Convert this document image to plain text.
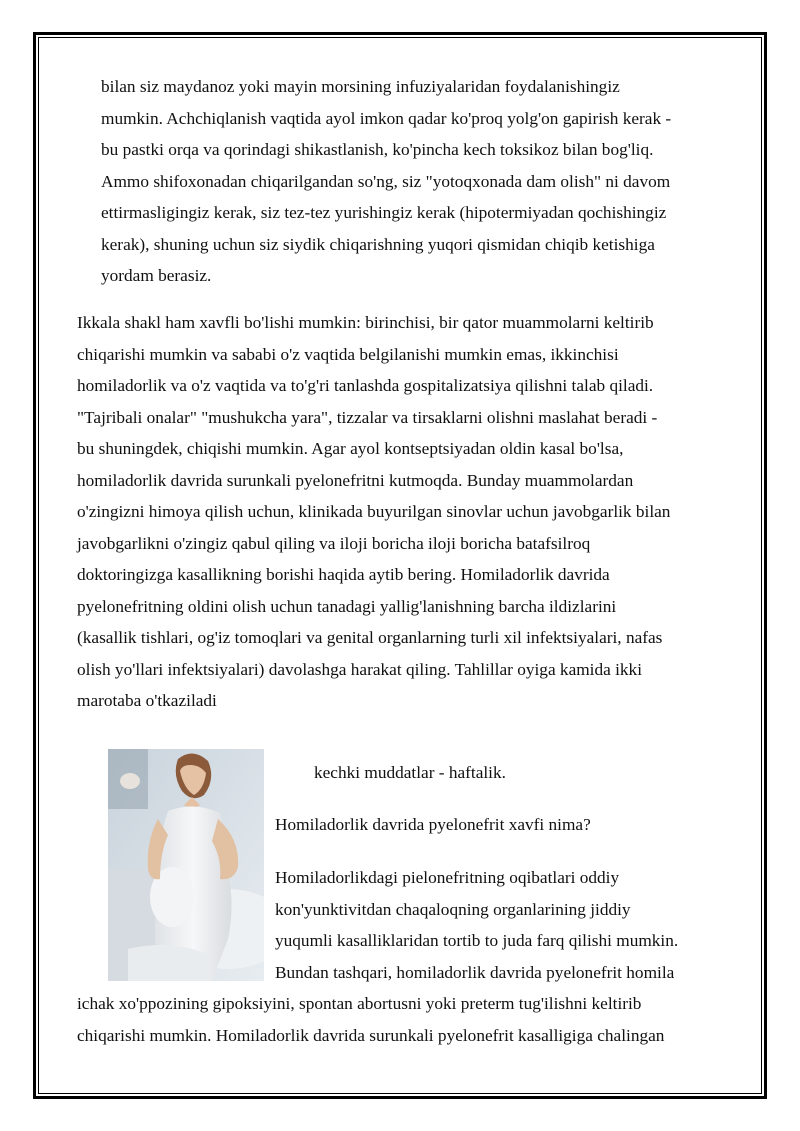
bilan siz maydanoz yoki mayin morsining infuziyalaridan foydalanishingiz
mumkin. Achchiqlanish vaqtida ayol imkon qadar ko'proq yolg'on gapirish kerak -
bu pastki orqa va qorindagi shikastlanish, ko'pincha kech toksikoz bilan bog'liq.
Ammo shifoxonadan chiqarilgandan so'ng, siz "yotoqxonada dam olish" ni davom
ettirmasligingiz kerak, siz tez-tez yurishingiz kerak (hipotermiyadan qochishingiz
kerak), shuning uchun siz siydik chiqarishning yuqori qismidan chiqib ketishiga
yordam berasiz.
Ikkala shakl ham xavfli bo'lishi mumkin: birinchisi, bir qator muammolarni keltirib
chiqarishi mumkin va sababi o'z vaqtida belgilanishi mumkin emas, ikkinchisi
homiladorlik va o'z vaqtida va to'g'ri tanlashda gospitalizatsiya qilishni talab qiladi.
"Tajribali onalar" "mushukcha yara", tizzalar va tirsaklarni olishni maslahat beradi -
bu shuningdek, chiqishi mumkin. Agar ayol kontseptsiyadan oldin kasal bo'lsa,
homiladorlik davrida surunkali pyelonefritni kutmoqda. Bunday muammolardan
o'zingizni himoya qilish uchun, klinikada buyurilgan sinovlar uchun javobgarlik bilan
javobgarlikni o'zingiz qabul qiling va iloji boricha iloji boricha batafsilroq
doktoringizga kasallikning borishi haqida aytib bering. Homiladorlik davrida
pyelonefritning oldini olish uchun tanadagi yallig'lanishning barcha ildizlarini
(kasallik tishlari, og'iz tomoqlari va genital organlarning turli xil infektsiyalari, nafas
olish yo'llari infektsiyalari) davolashga harakat qiling. Tahlillar oyiga kamida ikki
marotaba o'tkaziladi
kechki muddatlar - haftalik.
Homiladorlik davrida pyelonefrit xavfi nima?
Homiladorlikdagi pielonefritning oqibatlari oddiy
kon'yunktivitdan chaqaloqning organlarining jiddiy
yuqumli kasalliklaridan tortib to juda farq qilishi mumkin.
Bundan tashqari, homiladorlik davrida pyelonefrit homila
ichak xo'ppozining gipoksiyini, spontan abortusni yoki preterm tug'ilishni keltirib
chiqarishi mumkin. Homiladorlik davrida surunkali pyelonefrit kasalligiga chalingan
